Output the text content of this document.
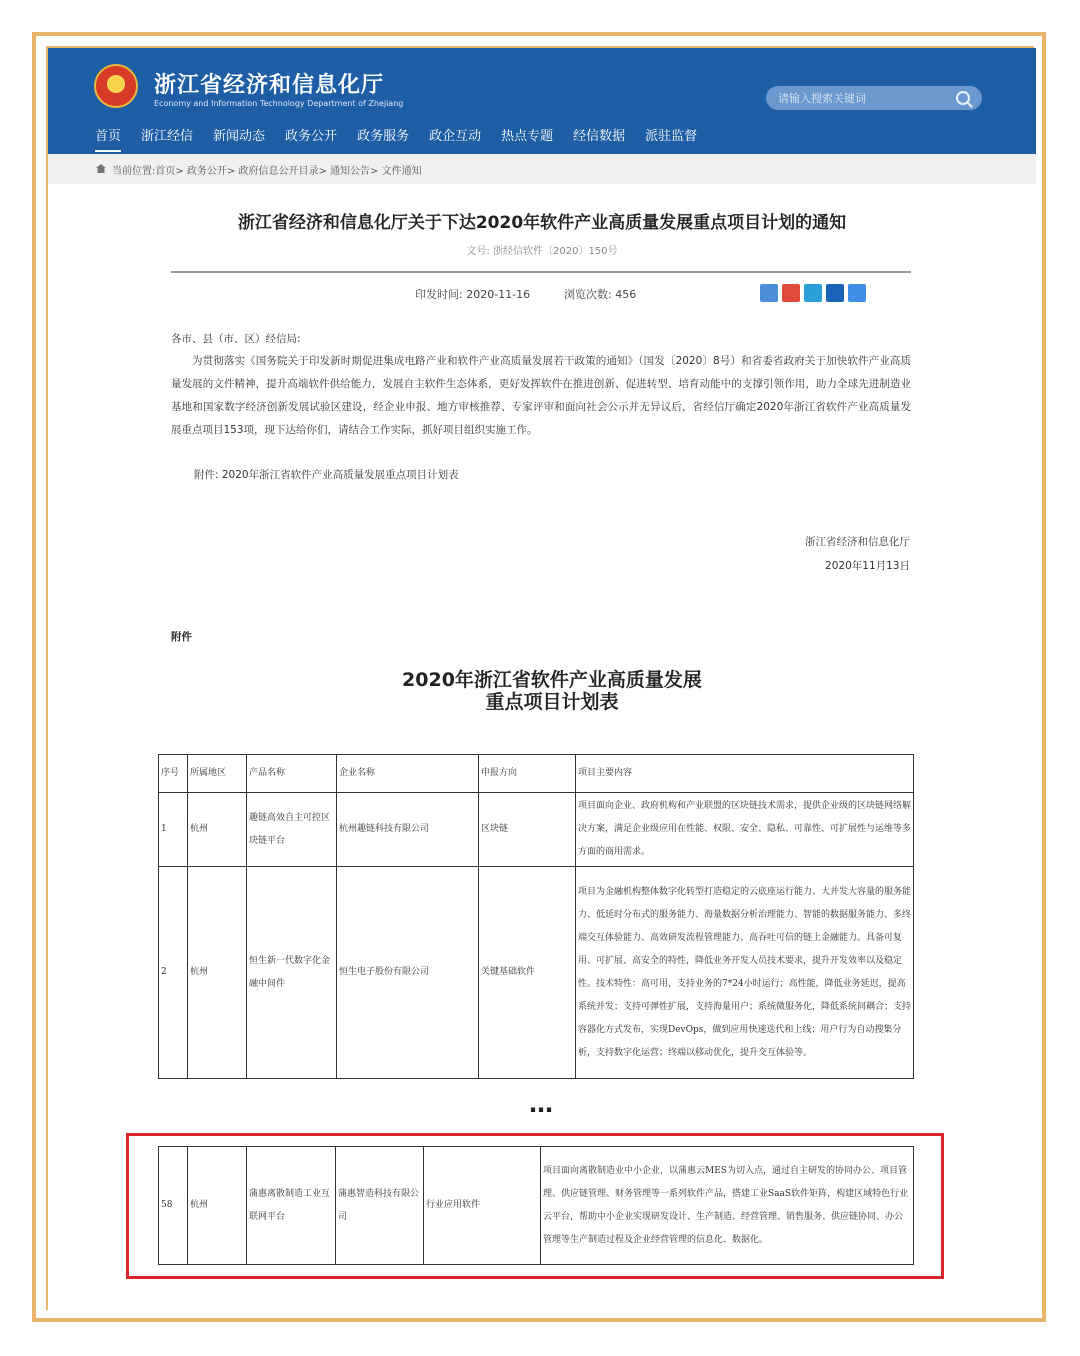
浙江省经济和信息化厅
Economy and Information Technology Department of Zhejiang
请输入搜索关键词
首页 浙江经信 新闻动态 政务公开 政务服务 政企互动 热点专题 经信数据 派驻监督
当前位置:首页> 政务公开> 政府信息公开目录> 通知公告> 文件通知
浙江省经济和信息化厅关于下达2020年软件产业高质量发展重点项目计划的通知
文号: 浙经信软件〔2020〕150号
印发时间: 2020-11-16	浏览次数: 456
各市、县（市、区）经信局:
为贯彻落实《国务院关于印发新时期促进集成电路产业和软件产业高质量发展若干政策的通知》（国发〔2020〕8号）和省委省政府关于加快软件产业高质量发展的文件精神，提升高端软件供给能力，发展自主软件生态体系，更好发挥软件在推进创新、促进转型、培育动能中的支撑引领作用，助力全球先进制造业基地和国家数字经济创新发展试验区建设，经企业申报、地方审核推荐、专家评审和面向社会公示并无异议后，省经信厅确定2020年浙江省软件产业高质量发展重点项目153项，现下达给你们，请结合工作实际，抓好项目组织实施工作。
附件: 2020年浙江省软件产业高质量发展重点项目计划表
浙江省经济和信息化厅
2020年11月13日
附件
2020年浙江省软件产业高质量发展
重点项目计划表
序号	所属地区	产品名称	企业名称	申报方向	项目主要内容
1	杭州	趣链高效自主可控区块链平台	杭州趣链科技有限公司	区块链	项目面向企业、政府机构和产业联盟的区块链技术需求，提供企业级的区块链网络解决方案，满足企业级应用在性能、权限、安全、隐私、可靠性、可扩展性与运维等多方面的商用需求。
2	杭州	恒生新一代数字化金融中间件	恒生电子股份有限公司	关键基础软件	项目为金融机构整体数字化转型打造稳定的云底座运行能力、大并发大容量的服务能力、低延时分布式的服务能力、海量数据分析治理能力、智能的数据服务能力、多终端交互体验能力、高效研发流程管理能力、高吞吐可信的链上金融能力。具备可复用、可扩展、高安全的特性，降低业务开发人员技术要求，提升开发效率以及稳定性。技术特性：高可用，支持业务的7*24小时运行；高性能，降低业务延迟，提高系统并发；支持可弹性扩展，支持海量用户；系统微服务化，降低系统间耦合；支持容器化方式发布，实现DevOps，做到应用快速迭代和上线；用户行为自动搜集分析，支持数字化运营；终端以移动优化，提升交互体验等。
…
58	杭州	蒲惠离散制造工业互联网平台	蒲惠智造科技有限公司	行业应用软件	项目面向离散制造业中小企业，以蒲惠云MES为切入点，通过自主研发的协同办公、项目管理、供应链管理、财务管理等一系列软件产品，搭建工业SaaS软件矩阵，构建区域特色行业云平台，帮助中小企业实现研发设计、生产制造、经营管理、销售服务、供应链协同、办公管理等生产制造过程及企业经营管理的信息化、数据化。
